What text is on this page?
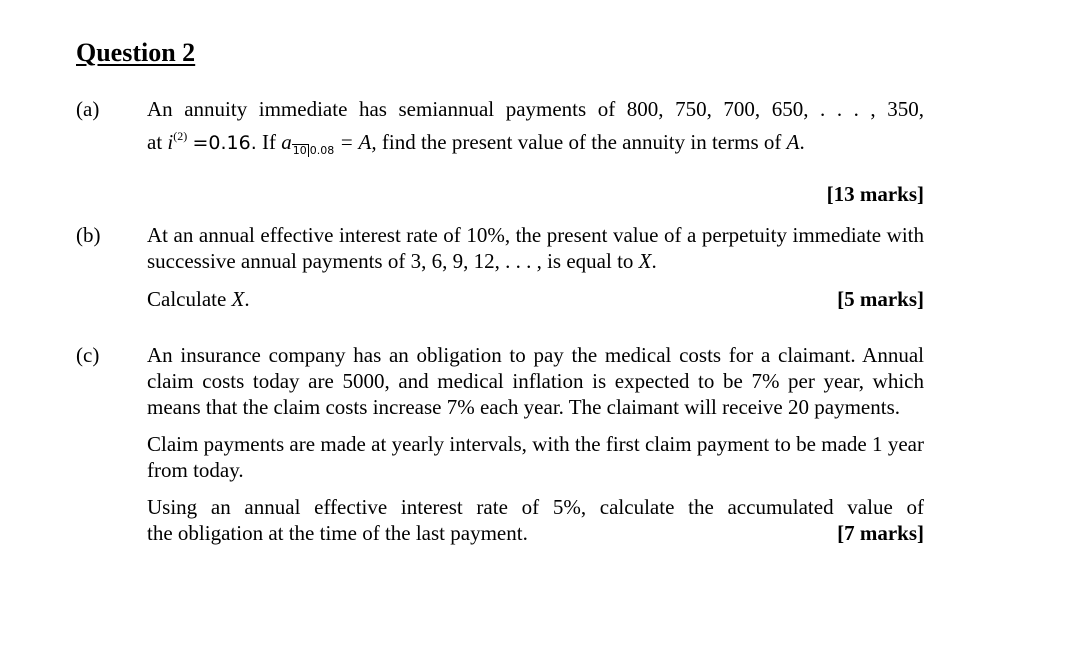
Question 2
(a) An annuity immediate has semiannual payments of 800, 750, 700, 650, . . . , 350,

at $i^{(2)} =0.16$. If a10 0.08 = A, find the present value of the annuity in terms of A.

[13 marks]

(b) At an annual effective interest rate of 10%, the present value of a perpetuity immediate with successive annual payments of 3, 6, 9, 12, . . . , is equal to X.

Calculate X.	[5 marks]
(c) An insurance company has an obligation to pay the medical costs for a claimant. Annual claim costs today are 5000, and medical inflation is expected to be 7% per year, which means that the claim costs increase 7% each year. The claimant will receive 20 payments.

Claim payments are made at yearly intervals, with the first claim payment to be made 1 year from today.

Using an annual effective interest rate of 5%, calculate the accumulated value of

the obligation at the time of the last payment.	[7 marks]
